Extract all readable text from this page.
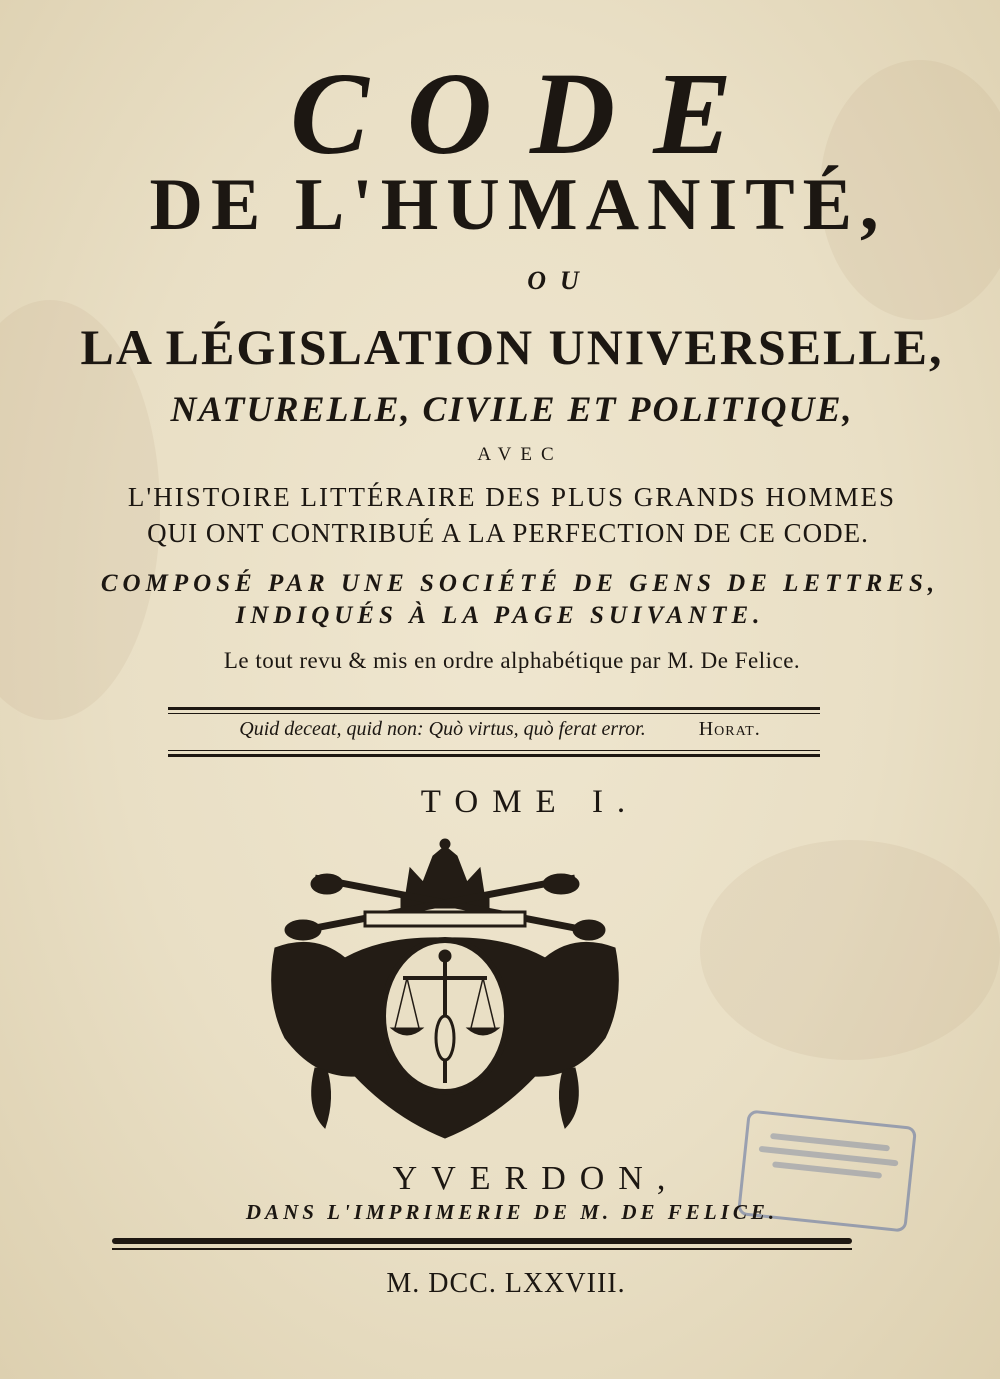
CODE
DE L'HUMANITÉ,
OU
LA LÉGISLATION UNIVERSELLE,
NATURELLE, CIVILE ET POLITIQUE,
AVEC
L'HISTOIRE LITTÉRAIRE DES PLUS GRANDS HOMMES
QUI ONT CONTRIBUÉ A LA PERFECTION DE CE CODE.
COMPOSÉ PAR UNE SOCIÉTÉ DE GENS DE LETTRES,
INDIQUÉS À LA PAGE SUIVANTE.
Le tout revu & mis en ordre alphabétique par M. De Felice.
Quid deceat, quid non: Quò virtus, quò ferat error.	Horat.
TOME I.
YVERDON,
DANS L'IMPRIMERIE DE M. DE FELICE.
M. DCC. LXXVIII.
